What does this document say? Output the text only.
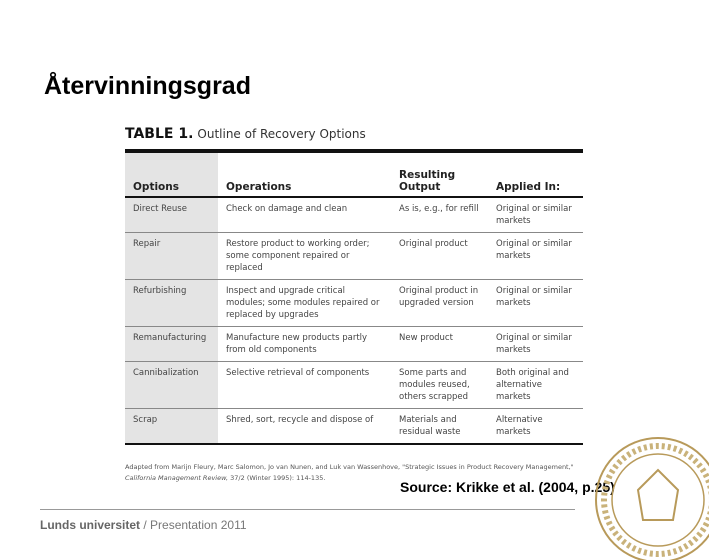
Återvinningsgrad
TABLE 1. Outline of Recovery Options
Options	Operations	Resulting Output	Applied In:
Direct Reuse	Check on damage and clean	As is, e.g., for refill	Original or similar markets
Repair	Restore product to working order; some component repaired or replaced	Original product	Original or similar markets
Refurbishing	Inspect and upgrade critical modules; some modules repaired or replaced by upgrades	Original product in upgraded version	Original or similar markets
Remanufacturing	Manufacture new products partly from old components	New product	Original or similar markets
Cannibalization	Selective retrieval of components	Some parts and modules reused, others scrapped	Both original and alternative markets
Scrap	Shred, sort, recycle and dispose of	Materials and residual waste	Alternative markets
Adapted from Marijn Fleury, Marc Salomon, Jo van Nunen, and Luk van Wassenhove, "Strategic Issues in Product Recovery Management,"
California Management Review, 37/2 (Winter 1995): 114-135.
Source: Krikke et al. (2004, p.25)
Lunds universitet / Presentation 2011
